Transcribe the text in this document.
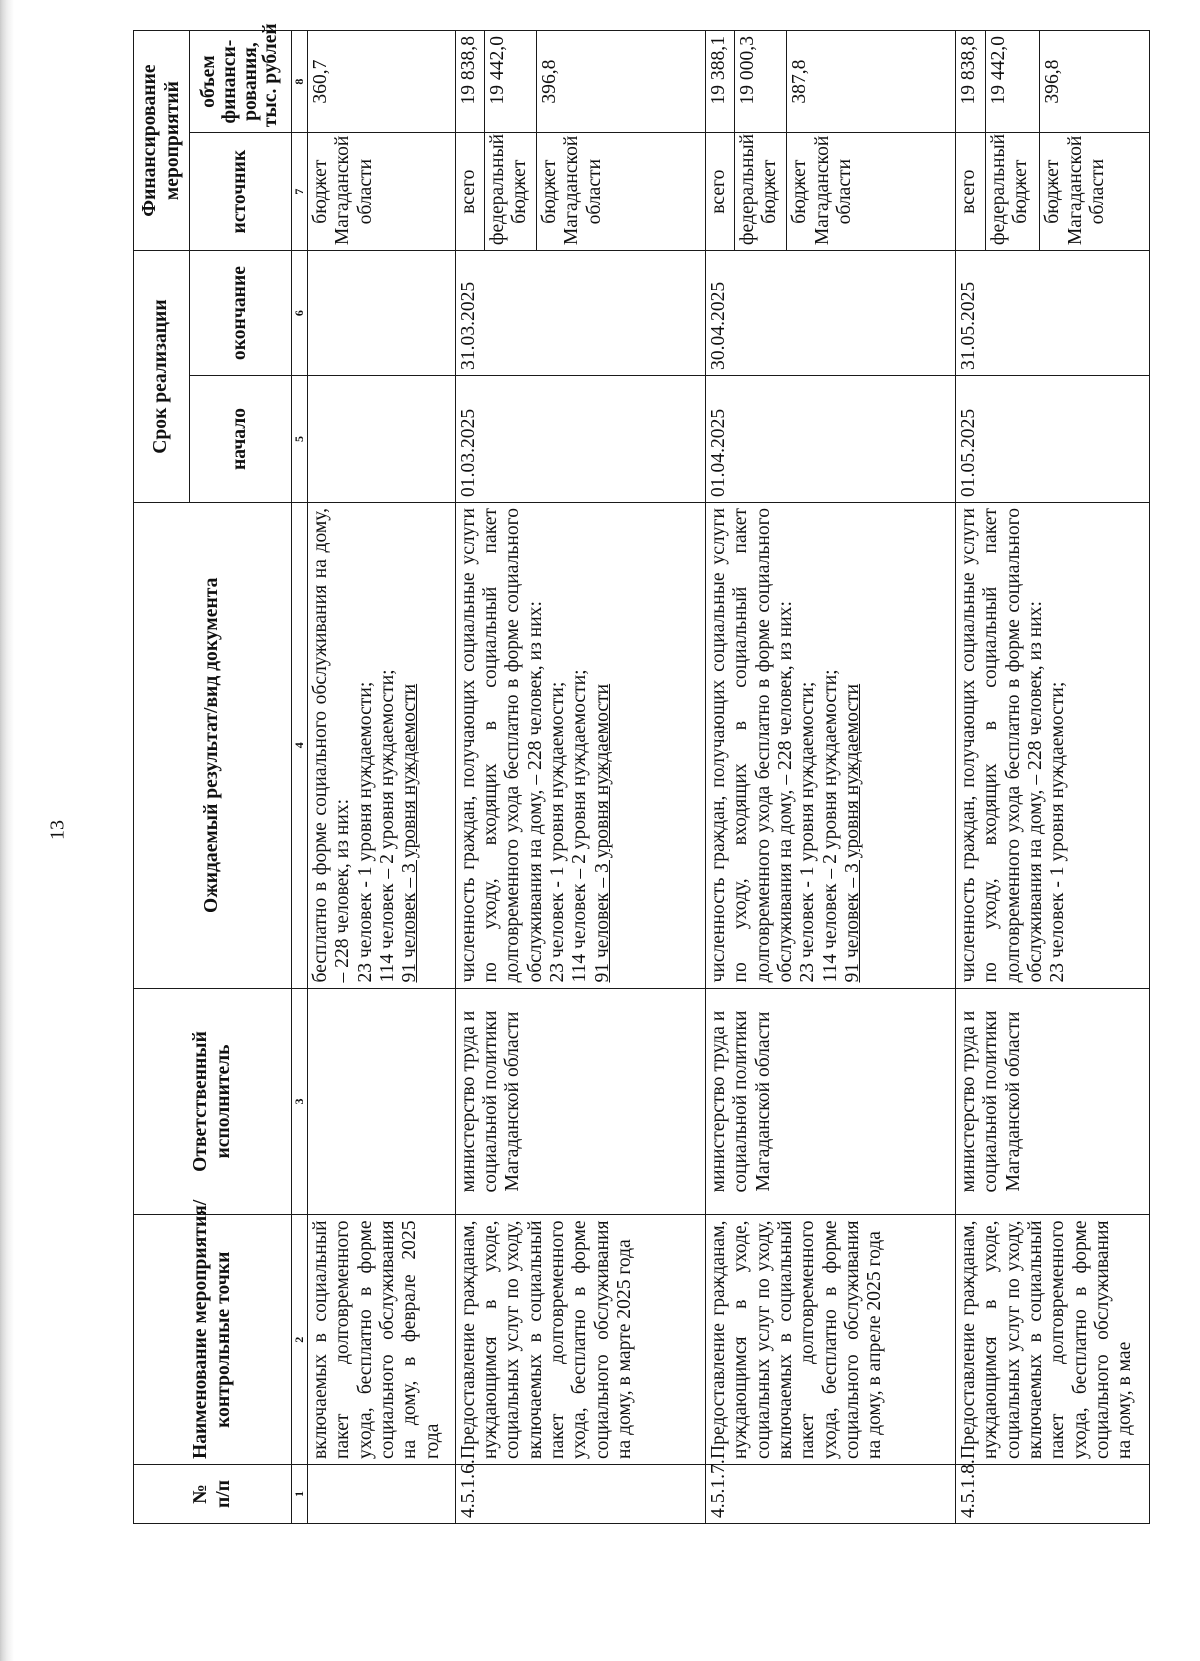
13
№
п/п	Наименование мероприятия/
контрольные точки	Ответственный
исполнитель	Ожидаемый результат/вид документа	Срок реализации		Финансирование
мероприятий	
				начало	окончание	источник	объем
финанси-
рования,
тыс. рублей
1	2	3	4	5	6	7	8
	включаемых в социальный пакет долговременного ухода, бесплатно в форме социального обслуживания на дому, в феврале 2025 года		бесплатно в форме социального обслуживания на дому, – 228 человек, из них: 23 человек - 1 уровня нуждаемости; 114 человек – 2 уровня нуждаемости; 91 человек – 3 уровня нуждаемости			бюджет Магаданской области	360,7
4.5.1.6.	Предоставление гражданам, нуждающимся в уходе, социальных услуг по уходу, включаемых в социальный пакет долговременного ухода, бесплатно в форме социального обслуживания на дому, в марте 2025 года	министерство труда и социальной политики Магаданской области	численность граждан, получающих социальные услуги по уходу, входящих в социальный пакет долговременного ухода бесплатно в форме социального обслуживания на дому, – 228 человек, из них: 23 человек - 1 уровня нуждаемости; 114 человек – 2 уровня нуждаемости; 91 человек – 3 уровня нуждаемости	01.03.2025	31.03.2025	всего	19 838,8
						федеральный бюджет	19 442,0
						бюджет Магаданской области	396,8
4.5.1.7.	Предоставление гражданам, нуждающимся в уходе, социальных услуг по уходу, включаемых в социальный пакет долговременного ухода, бесплатно в форме социального обслуживания на дому, в апреле 2025 года	министерство труда и социальной политики Магаданской области	численность граждан, получающих социальные услуги по уходу, входящих в социальный пакет долговременного ухода бесплатно в форме социального обслуживания на дому, – 228 человек, из них: 23 человек - 1 уровня нуждаемости; 114 человек – 2 уровня нуждаемости; 91 человек – 3 уровня нуждаемости	01.04.2025	30.04.2025	всего	19 388,1
						федеральный бюджет	19 000,3
						бюджет Магаданской области	387,8
4.5.1.8.	Предоставление гражданам, нуждающимся в уходе, социальных услуг по уходу, включаемых в социальный пакет долговременного ухода, бесплатно в форме социального обслуживания на дому, в мае	министерство труда и социальной политики Магаданской области	численность граждан, получающих социальные услуги по уходу, входящих в социальный пакет долговременного ухода бесплатно в форме социального обслуживания на дому, – 228 человек, из них: 23 человек - 1 уровня нуждаемости;	01.05.2025	31.05.2025	всего	19 838,8
						федеральный бюджет	19 442,0
						бюджет Магаданской области	396,8
